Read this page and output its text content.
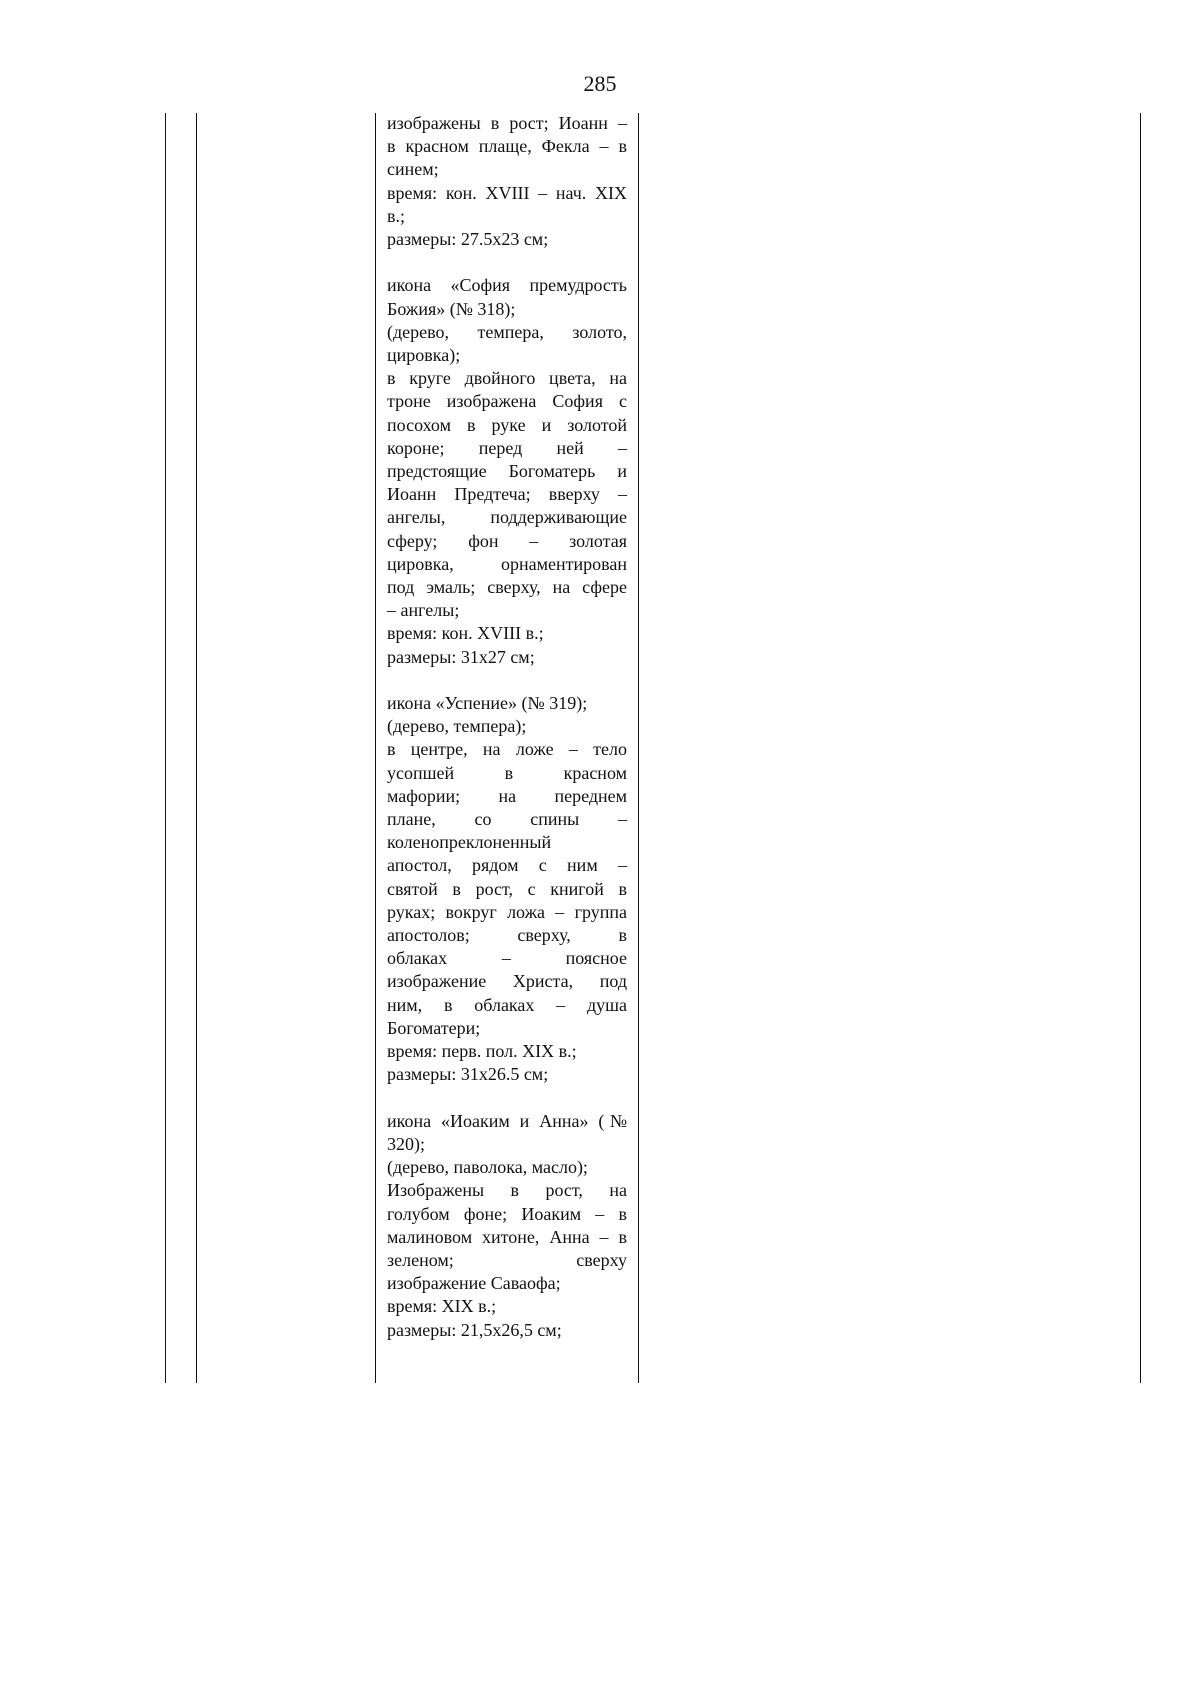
285
изображены в рост; Иоанн –
в красном плаще, Фекла – в
синем;
время: кон. XVIII – нач. XIX
в.;
размеры: 27.5х23 см;
икона «София премудрость
Божия» (№ 318);
(дерево, темпера, золото,
цировка);
в круге двойного цвета, на
троне изображена София с
посохом в руке и золотой
короне; перед ней –
предстоящие Богоматерь и
Иоанн Предтеча; вверху –
ангелы, поддерживающие
сферу; фон – золотая
цировка, орнаментирован
под эмаль; сверху, на сфере
– ангелы;
время: кон. XVIII в.;
размеры: 31х27 см;
икона «Успение» (№ 319);
(дерево, темпера);
в центре, на ложе – тело
усопшей в красном
мафории; на переднем
плане, со спины –
коленопреклоненный
апостол, рядом с ним –
святой в рост, с книгой в
руках; вокруг ложа – группа
апостолов; сверху, в
облаках – поясное
изображение Христа, под
ним, в облаках – душа
Богоматери;
время: перв. пол. XIX в.;
размеры: 31х26.5 см;
икона «Иоаким и Анна» (№
320);
(дерево, паволока, масло);
Изображены в рост, на
голубом фоне; Иоаким – в
малиновом хитоне, Анна – в
зеленом; сверху
изображение Саваофа;
время: XIX в.;
размеры: 21,5х26,5 см;
